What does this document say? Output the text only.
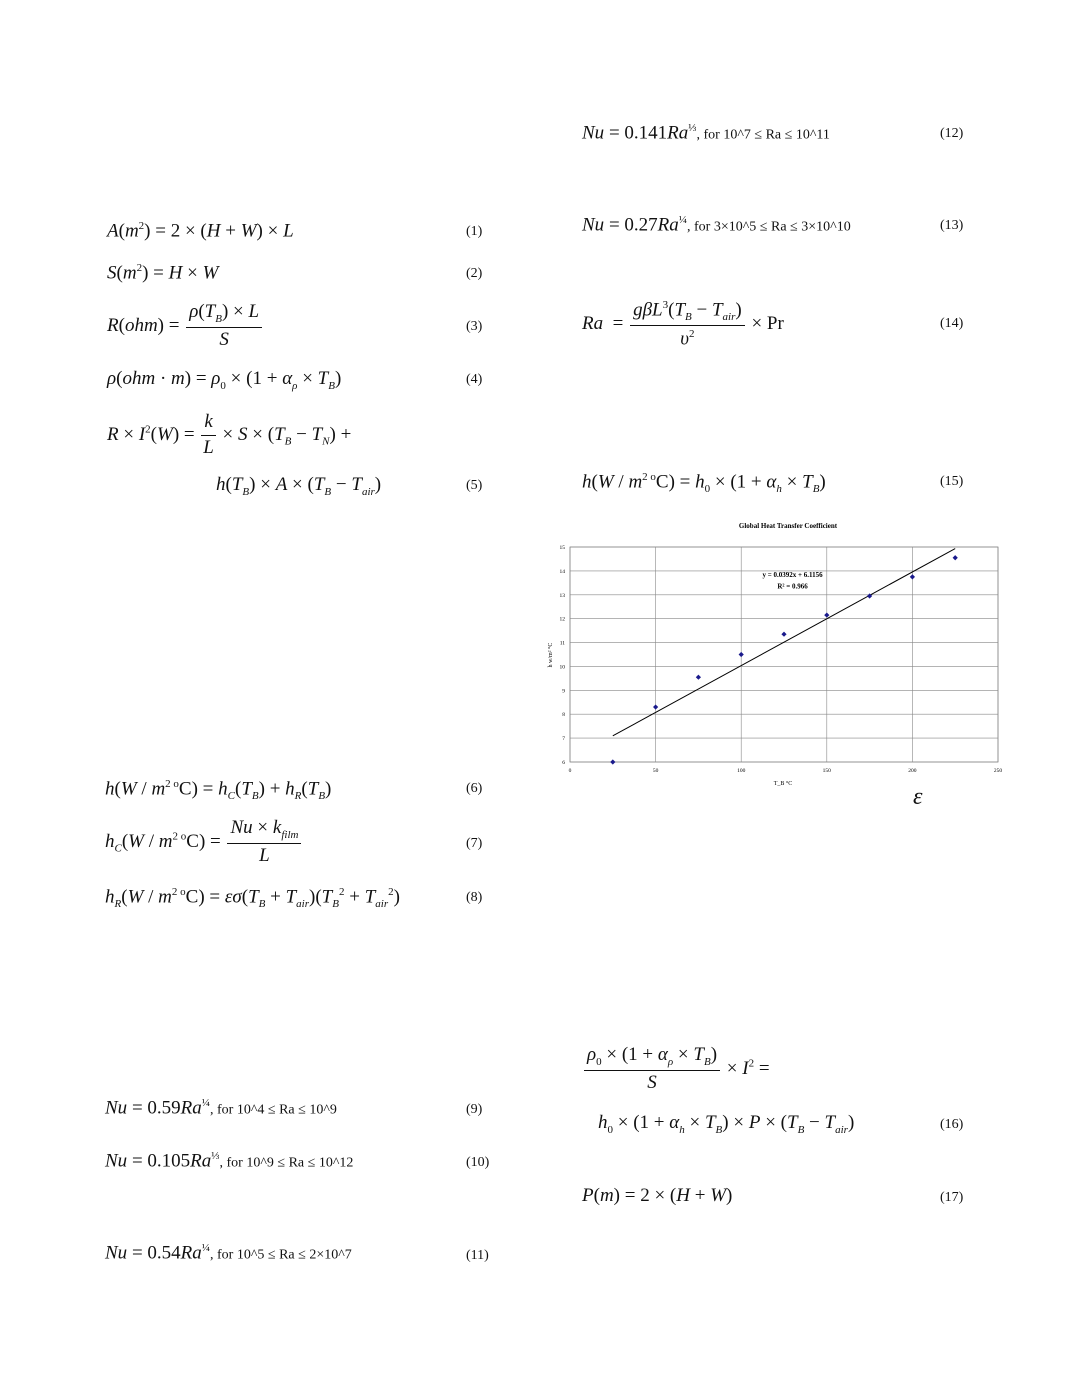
$A(m^2) = 2 \times (H + W) \times L$	(1)
$S(m^2) = H \times W$	(2)
$R(ohm) = \frac{\rho(T_B) \times L}{S}$	(3)
$\rho(ohm \cdot m) = \rho_0 \times (1 + \alpha_\rho \times T_B)$	(4)
$R \times I^2(W) = \frac{k}{L} \times S \times (T_B - T_N)$ +
$h(T_B) \times A \times (T_B - T_{air})$	(5)
$h(W / m^{2 o}C) = h_C(T_B) + h_R(T_B)$	(6)
$h_C(W / m^{2 o}C) = \frac{Nu \times k_{film}}{L}$	(7)
$h_R(W / m^{2 o}C) = \varepsilon\sigma(T_B + T_{air})(T_B^2 + T_{air}^2)$	(8)
$Nu = 0.59Ra^{\frac{1}{4}}$, for 10^4 ≤ Ra ≤ 10^9	(9)
$Nu = 0.105Ra^{\frac{1}{3}}$, for 10^9 ≤ Ra ≤ 10^12	(10)
$Nu = 0.54Ra^{\frac{1}{4}}$, for 10^5 ≤ Ra ≤ 2×10^7	(11)
$Nu = 0.141Ra^{\frac{1}{3}}$, for 10^7 ≤ Ra ≤ 10^11	(12)
$Nu = 0.27Ra^{\frac{1}{4}}$, for 3×10^5 ≤ Ra ≤ 3×10^10	(13)
$Ra = \frac{g\beta L^3(T_B - T_{air})}{\upsilon^2} \times Pr$	(14)
$h(W / m^{2 o}C) = h_0 \times (1 + \alpha_h \times T_B)$	(15)
Global Heat Transfer Coefficient
6
7
8
9
10
11
12
13
14
15
0	50	100	150	200	250
y = 0.0392x + 6.1156
R² = 0.966
T_B °C
h w/m² °C
ε
$\frac{\rho_0 \times (1 + \alpha_\rho \times T_B)}{S} \times I^2$ =
$h_0 \times (1 + \alpha_h \times T_B) \times P \times (T_B - T_{air})$	(16)
P(m) = 2 × (H + W)	(17)
